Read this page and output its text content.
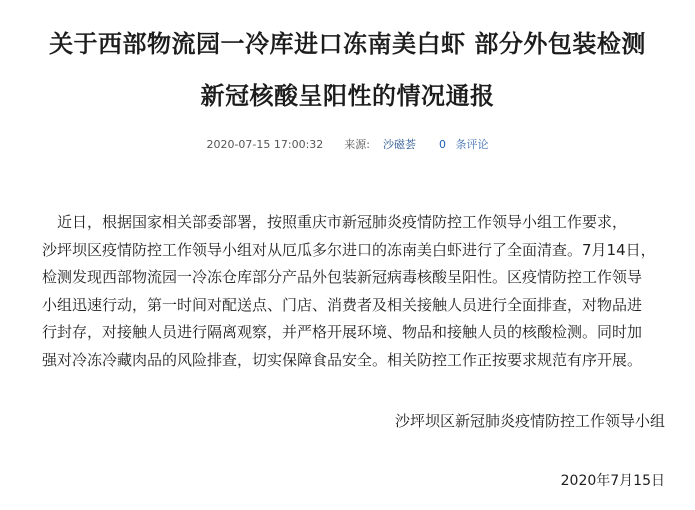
关于西部物流园一冷库进口冻南美白虾 部分外包装检测
新冠核酸呈阳性的情况通报
2020-07-15 17:00:32 来源: 沙磁荟 0 条评论
近日，根据国家相关部委部署，按照重庆市新冠肺炎疫情防控工作领导小组工作要求，
沙坪坝区疫情防控工作领导小组对从厄瓜多尔进口的冻南美白虾进行了全面清查。7月14日，
检测发现西部物流园一冷冻仓库部分产品外包装新冠病毒核酸呈阳性。区疫情防控工作领导
小组迅速行动，第一时间对配送点、门店、消费者及相关接触人员进行全面排查，对物品进
行封存，对接触人员进行隔离观察，并严格开展环境、物品和接触人员的核酸检测。同时加
强对冷冻冷藏肉品的风险排查，切实保障食品安全。相关防控工作正按要求规范有序开展。
沙坪坝区新冠肺炎疫情防控工作领导小组
2020年7月15日
